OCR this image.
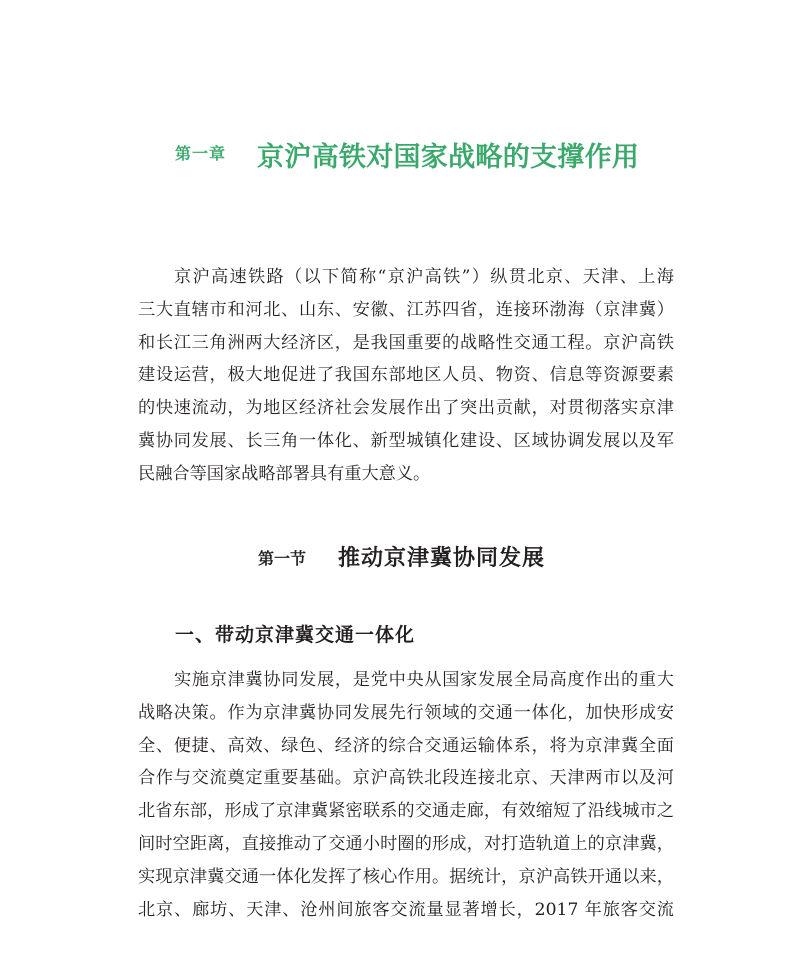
第一章 京沪高铁对国家战略的支撑作用
京沪高速铁路（以下简称“京沪高铁”）纵贯北京、天津、上海
三大直辖市和河北、山东、安徽、江苏四省，连接环渤海（京津冀）
和长江三角洲两大经济区，是我国重要的战略性交通工程。京沪高铁
建设运营，极大地促进了我国东部地区人员、物资、信息等资源要素
的快速流动，为地区经济社会发展作出了突出贡献，对贯彻落实京津
冀协同发展、长三角一体化、新型城镇化建设、区域协调发展以及军
民融合等国家战略部署具有重大意义。
第一节 推动京津冀协同发展
一、带动京津冀交通一体化
实施京津冀协同发展，是党中央从国家发展全局高度作出的重大
战略决策。作为京津冀协同发展先行领域的交通一体化，加快形成安
全、便捷、高效、绿色、经济的综合交通运输体系，将为京津冀全面
合作与交流奠定重要基础。京沪高铁北段连接北京、天津两市以及河
北省东部，形成了京津冀紧密联系的交通走廊，有效缩短了沿线城市之
间时空距离，直接推动了交通小时圈的形成，对打造轨道上的京津冀，
实现京津冀交通一体化发挥了核心作用。据统计，京沪高铁开通以来，
北京、廊坊、天津、沧州间旅客交流量显著增长，2017 年旅客交流
